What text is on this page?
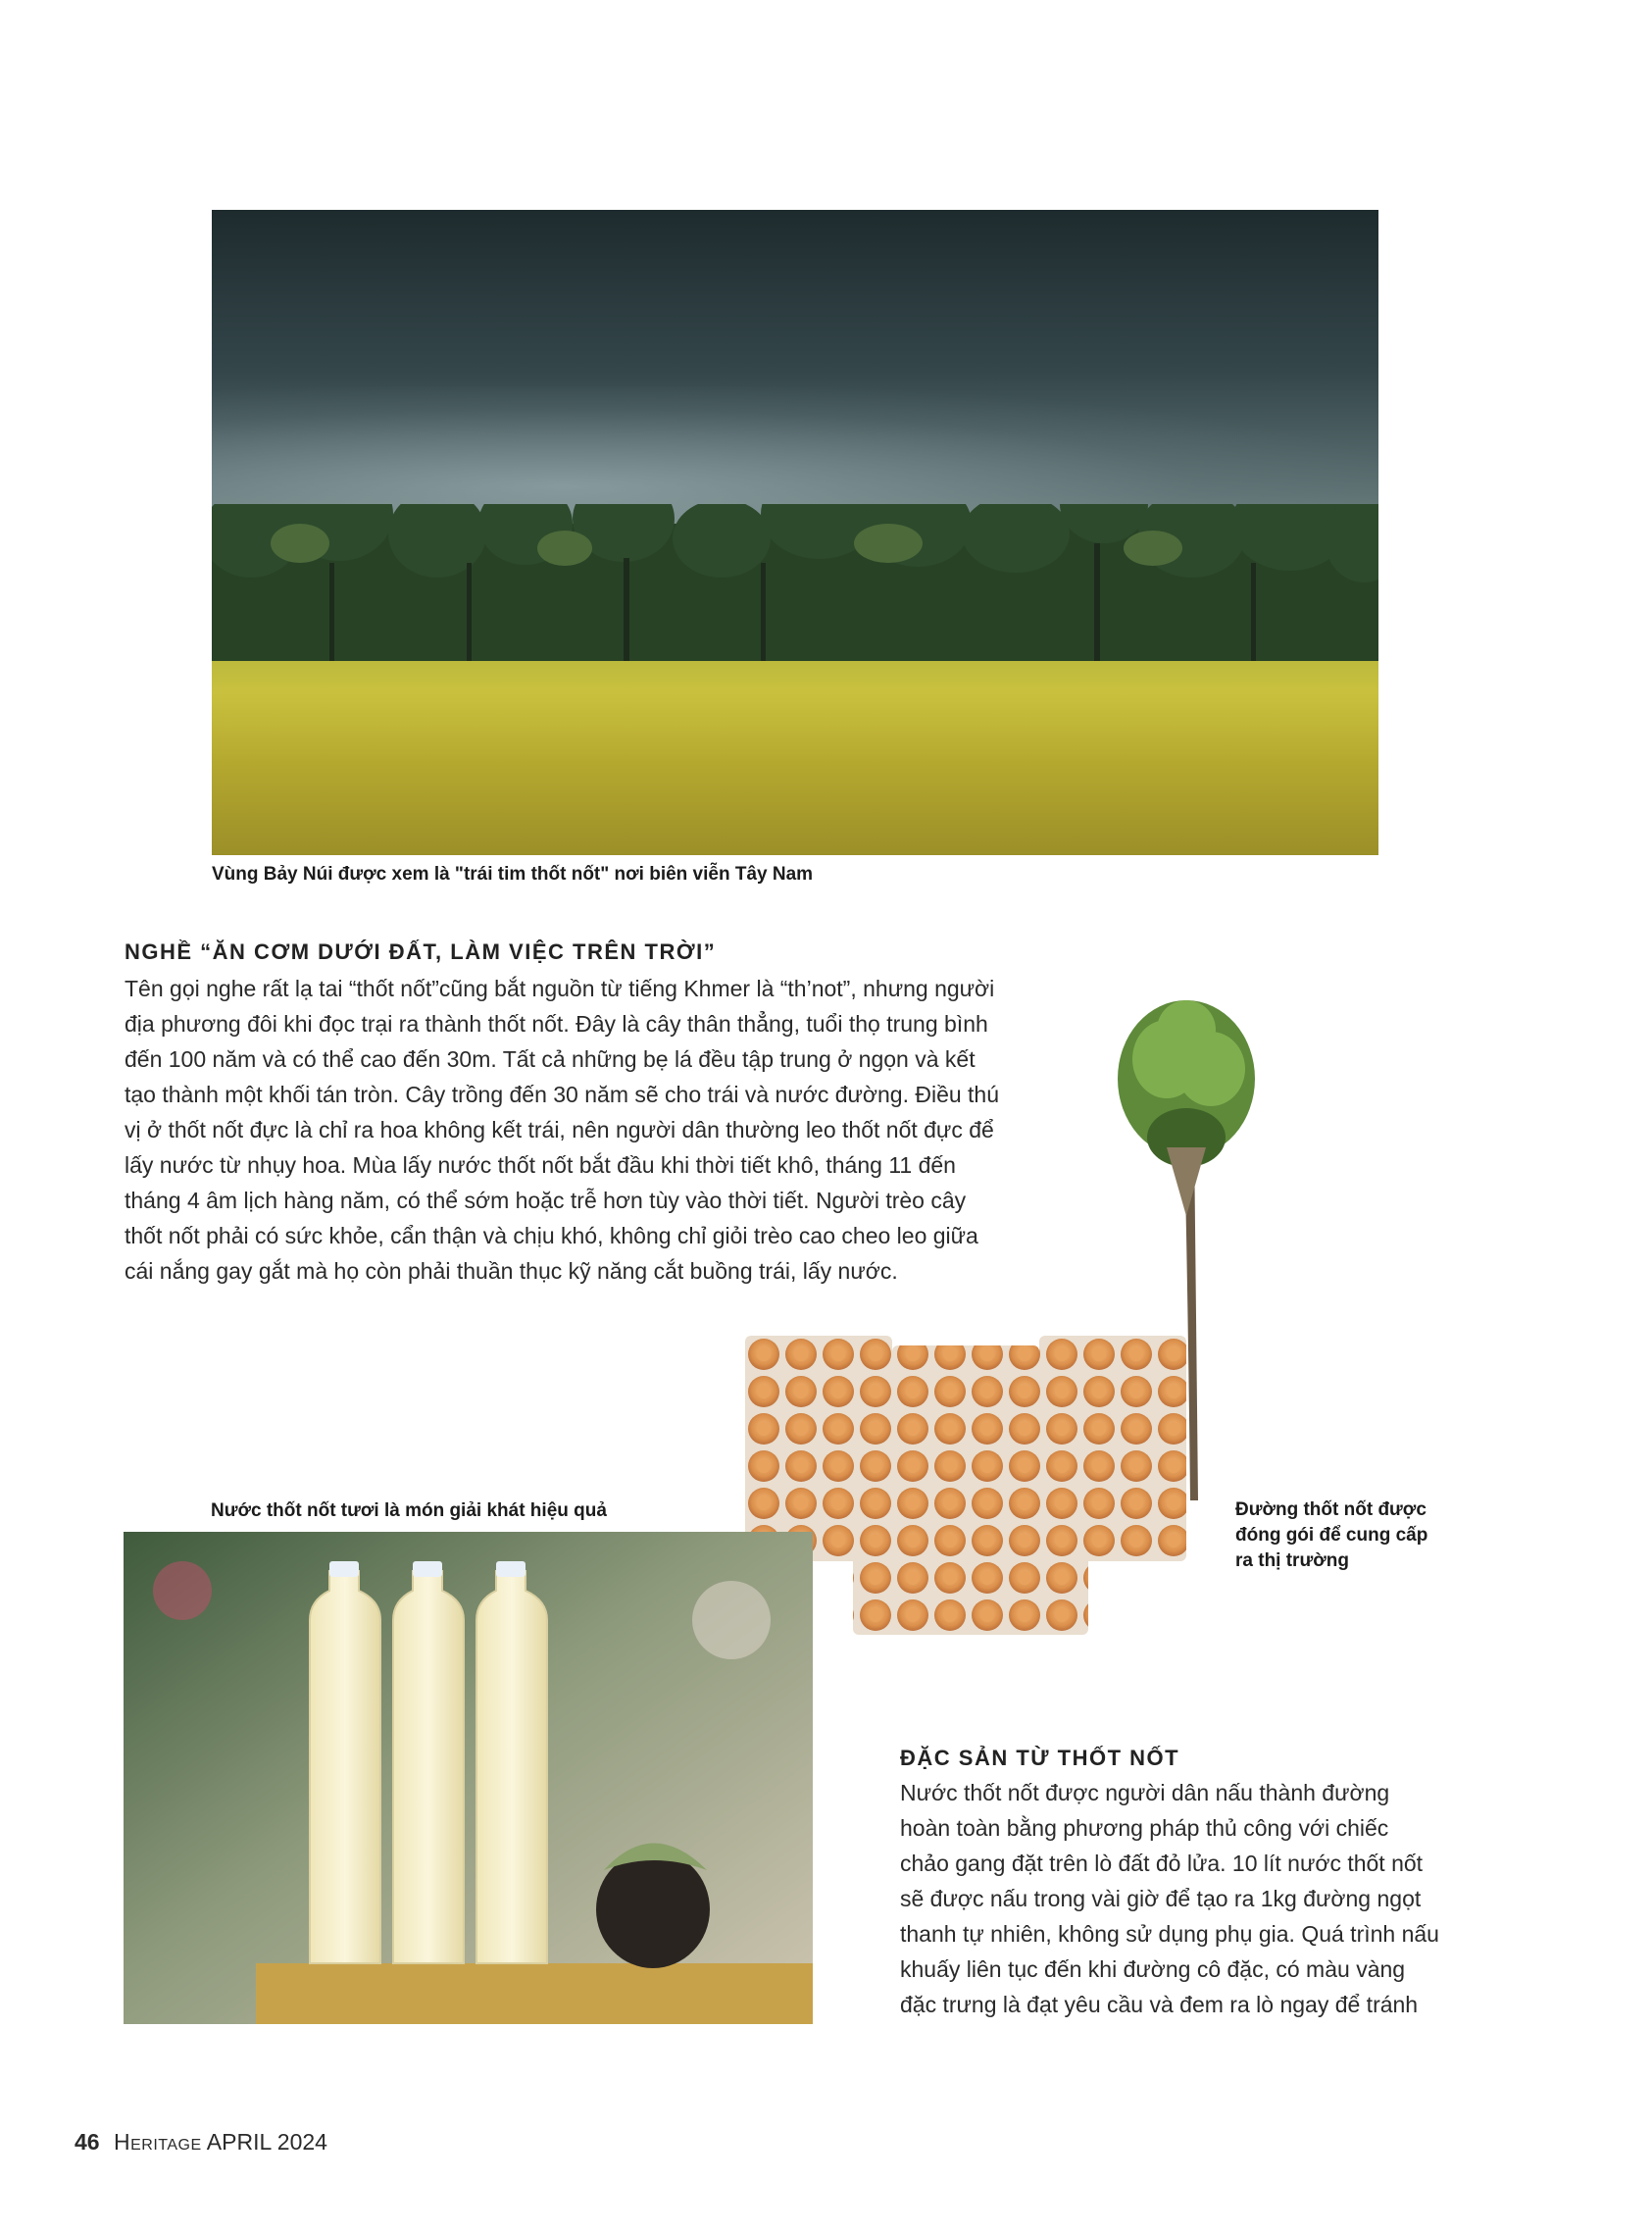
Vùng Bảy Núi được xem là "trái tim thốt nốt" nơi biên viễn Tây Nam
NGHỀ “ĂN CƠM DƯỚI ĐẤT, LÀM VIỆC TRÊN TRỜI”
Tên gọi nghe rất lạ tai “thốt nốt”cũng bắt nguồn từ tiếng Khmer là “th’not”, nhưng người
địa phương đôi khi đọc trại ra thành thốt nốt. Đây là cây thân thẳng, tuổi thọ trung bình
đến 100 năm và có thể cao đến 30m. Tất cả những bẹ lá đều tập trung ở ngọn và kết
tạo thành một khối tán tròn. Cây trồng đến 30 năm sẽ cho trái và nước đường. Điều thú
vị ở thốt nốt đực là chỉ ra hoa không kết trái, nên người dân thường leo thốt nốt đực để
lấy nước từ nhụy hoa. Mùa lấy nước thốt nốt bắt đầu khi thời tiết khô, tháng 11 đến
tháng 4 âm lịch hàng năm, có thể sớm hoặc trễ hơn tùy vào thời tiết. Người trèo cây
thốt nốt phải có sức khỏe, cẩn thận và chịu khó, không chỉ giỏi trèo cao cheo leo giữa
cái nắng gay gắt mà họ còn phải thuần thục kỹ năng cắt buồng trái, lấy nước.
Đường thốt nốt được
đóng gói để cung cấp
ra thị trường
Nước thốt nốt tươi là món giải khát hiệu quả
ĐẶC SẢN TỪ THỐT NỐT
Nước thốt nốt được người dân nấu thành đường
hoàn toàn bằng phương pháp thủ công với chiếc
chảo gang đặt trên lò đất đỏ lửa. 10 lít nước thốt nốt
sẽ được nấu trong vài giờ để tạo ra 1kg đường ngọt
thanh tự nhiên, không sử dụng phụ gia. Quá trình nấu
khuấy liên tục đến khi đường cô đặc, có màu vàng
đặc trưng là đạt yêu cầu và đem ra lò ngay để tránh
46 Heritage APRIL 2024
